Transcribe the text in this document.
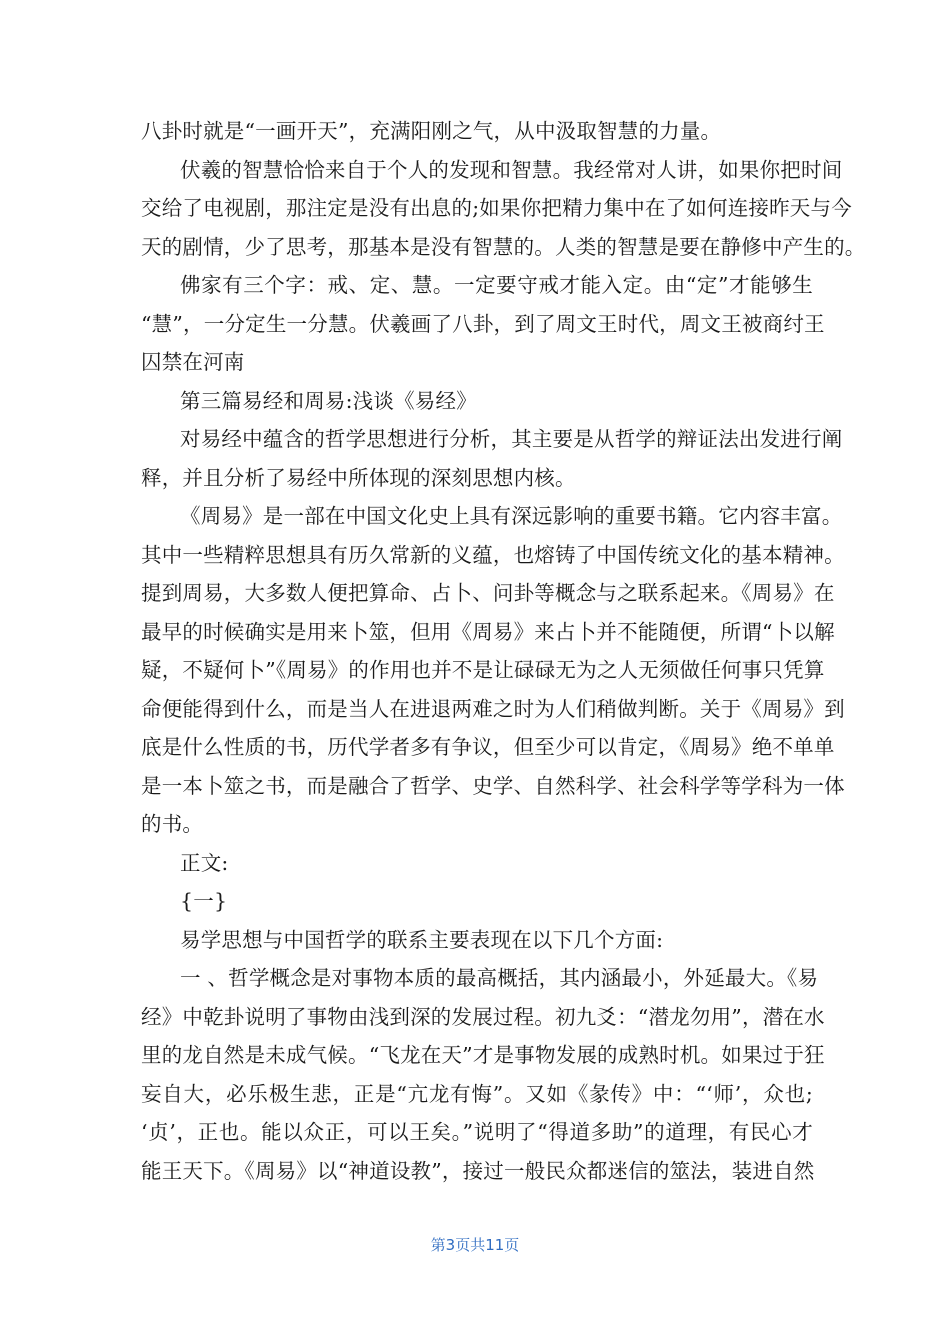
八卦时就是“一画开天”，充满阳刚之气，从中汲取智慧的力量。
伏羲的智慧恰恰来自于个人的发现和智慧。我经常对人讲，如果你把时间
交给了电视剧，那注定是没有出息的;如果你把精力集中在了如何连接昨天与今
天的剧情，少了思考，那基本是没有智慧的。人类的智慧是要在静修中产生的。
佛家有三个字：戒、定、慧。一定要守戒才能入定。由“定”才能够生
“慧”，一分定生一分慧。伏羲画了八卦，到了周文王时代，周文王被商纣王
囚禁在河南
第三篇易经和周易:浅谈《易经》
对易经中蕴含的哲学思想进行分析，其主要是从哲学的辩证法出发进行阐
释，并且分析了易经中所体现的深刻思想内核。
《周易》是一部在中国文化史上具有深远影响的重要书籍。它内容丰富。
其中一些精粹思想具有历久常新的义蕴，也熔铸了中国传统文化的基本精神。
提到周易，大多数人便把算命、占卜、问卦等概念与之联系起来。《周易》在
最早的时候确实是用来卜筮，但用《周易》来占卜并不能随便，所谓“卜以解
疑，不疑何卜”《周易》的作用也并不是让碌碌无为之人无须做任何事只凭算
命便能得到什么，而是当人在进退两难之时为人们稍做判断。关于《周易》到
底是什么性质的书，历代学者多有争议，但至少可以肯定，《周易》绝不单单
是一本卜筮之书，而是融合了哲学、史学、自然科学、社会科学等学科为一体
的书。
正文:
{一}
易学思想与中国哲学的联系主要表现在以下几个方面:
一 、哲学概念是对事物本质的最高概括，其内涵最小，外延最大。《易
经》中乾卦说明了事物由浅到深的发展过程。初九爻：“潜龙勿用”，潜在水
里的龙自然是未成气候。“飞龙在天”才是事物发展的成熟时机。如果过于狂
妄自大，必乐极生悲，正是“亢龙有悔”。又如《彖传》中：“‘师’，众也;
‘贞’，正也。能以众正，可以王矣。”说明了“得道多助”的道理，有民心才
能王天下。《周易》以“神道设教”，接过一般民众都迷信的筮法，装进自然
第3页共11页
